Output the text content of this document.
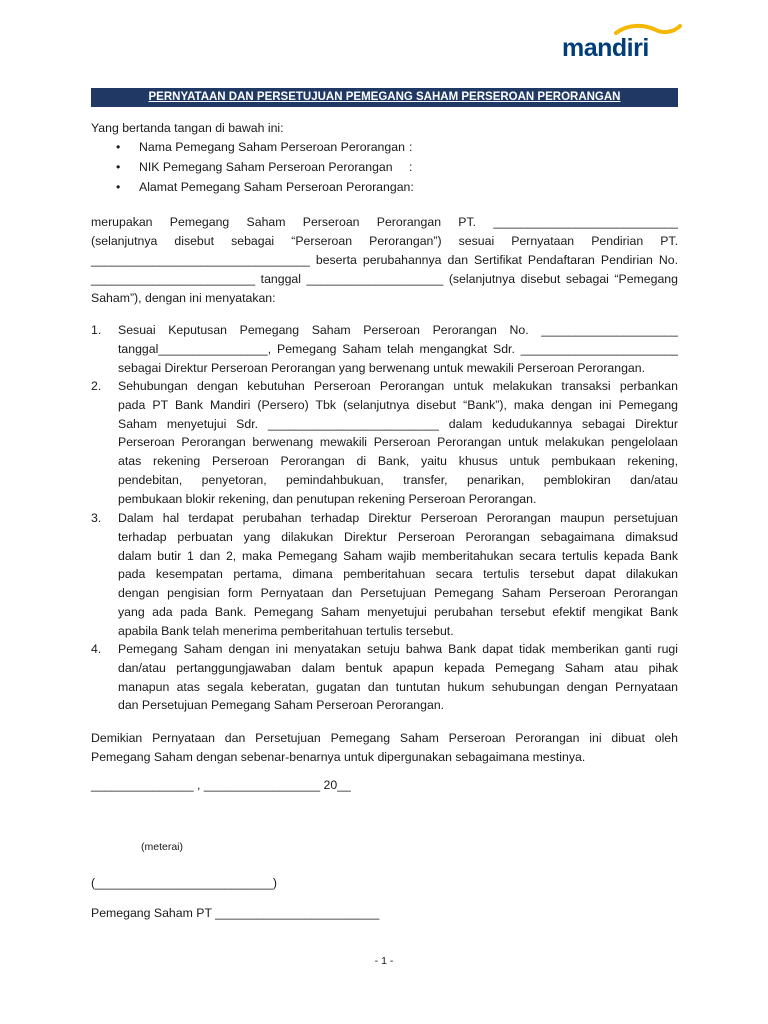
mandiri
PERNYATAAN DAN PERSETUJUAN PEMEGANG SAHAM PERSEROAN PERORANGAN
Yang bertanda tangan di bawah ini:
• Nama Pemegang Saham Perseroan Perorangan :
• NIK Pemegang Saham Perseroan Perorangan :
• Alamat Pemegang Saham Perseroan Perorangan:
merupakan Pemegang Saham Perseroan Perorangan PT. ___________________________
(selanjutnya disebut sebagai “Perseroan Perorangan”) sesuai Pernyataan Pendirian PT.
________________________________ beserta perubahannya dan Sertifikat Pendaftaran Pendirian No.
________________________ tanggal ____________________ (selanjutnya disebut sebagai “Pemegang
Saham”), dengan ini menyatakan:
1. Sesuai Keputusan Pemegang Saham Perseroan Perorangan No. ____________________
tanggal________________, Pemegang Saham telah mengangkat Sdr. _______________________
sebagai Direktur Perseroan Perorangan yang berwenang untuk mewakili Perseroan Perorangan.
2. Sehubungan dengan kebutuhan Perseroan Perorangan untuk melakukan transaksi perbankan
pada PT Bank Mandiri (Persero) Tbk (selanjutnya disebut “Bank”), maka dengan ini Pemegang
Saham menyetujui Sdr. _________________________ dalam kedudukannya sebagai Direktur
Perseroan Perorangan berwenang mewakili Perseroan Perorangan untuk melakukan pengelolaan
atas rekening Perseroan Perorangan di Bank, yaitu khusus untuk pembukaan rekening,
pendebitan, penyetoran, pemindahbukuan, transfer, penarikan, pemblokiran dan/atau
pembukaan blokir rekening, dan penutupan rekening Perseroan Perorangan.
3. Dalam hal terdapat perubahan terhadap Direktur Perseroan Perorangan maupun persetujuan
terhadap perbuatan yang dilakukan Direktur Perseroan Perorangan sebagaimana dimaksud
dalam butir 1 dan 2, maka Pemegang Saham wajib memberitahukan secara tertulis kepada Bank
pada kesempatan pertama, dimana pemberitahuan secara tertulis tersebut dapat dilakukan
dengan pengisian form Pernyataan dan Persetujuan Pemegang Saham Perseroan Perorangan
yang ada pada Bank. Pemegang Saham menyetujui perubahan tersebut efektif mengikat Bank
apabila Bank telah menerima pemberitahuan tertulis tersebut.
4. Pemegang Saham dengan ini menyatakan setuju bahwa Bank dapat tidak memberikan ganti rugi
dan/atau pertanggungjawaban dalam bentuk apapun kepada Pemegang Saham atau pihak
manapun atas segala keberatan, gugatan dan tuntutan hukum sehubungan dengan Pernyataan
dan Persetujuan Pemegang Saham Perseroan Perorangan.
Demikian Pernyataan dan Persetujuan Pemegang Saham Perseroan Perorangan ini dibuat oleh
Pemegang Saham dengan sebenar-benarnya untuk dipergunakan sebagaimana mestinya.
_______________ , _________________ 20__
(meterai)
(__________________________)
Pemegang Saham PT ________________________
- 1 -
